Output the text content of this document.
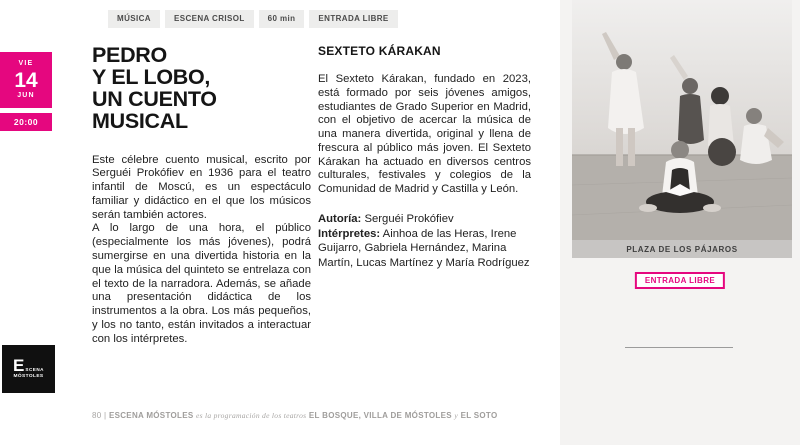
MÚSICA	ESCENA CRISOL	60 min	ENTRADA LIBRE
VIE
14
JUN
20:00
PEDRO
Y EL LOBO,
UN CUENTO
MUSICAL

Este célebre cuento musical, escrito por Serguéi Prokófiev en 1936 para el teatro infantil de Moscú, es un espectáculo familiar y didáctico en el que los músicos serán también actores.

A lo largo de una hora, el público (especialmente los más jóvenes), podrá sumergirse en una divertida historia en la que la música del quinteto se entrelaza con el texto de la narradora. Además, se añade una presentación didáctica de los instrumentos a la obra. Los más pequeños, y los no tanto, están invitados a interactuar con los intérpretes.

SEXTETO KÁRAKAN
El Sexteto Kárakan, fundado en 2023, está formado por seis jóvenes amigos, estudiantes de Grado Superior en Madrid, con el objetivo de acercar la música de una manera divertida, original y llena de frescura al público más joven. El Sexteto Kárakan ha actuado en diversos centros culturales, festivales y colegios de la Comunidad de Madrid y Castilla y León.
Autoría: Serguéi Prokófiev
Intérpretes: Ainhoa de las Heras, Irene Guijarro, Gabriela Hernández, Marina Martín, Lucas Martínez y María Rodríguez
PLAZA DE LOS PÁJAROS
ENTRADA LIBRE
E SCENA
MÓSTOLES
80 | ESCENA MÓSTOLES es la programación de los teatros EL BOSQUE, VILLA DE MÓSTOLES y EL SOTO
